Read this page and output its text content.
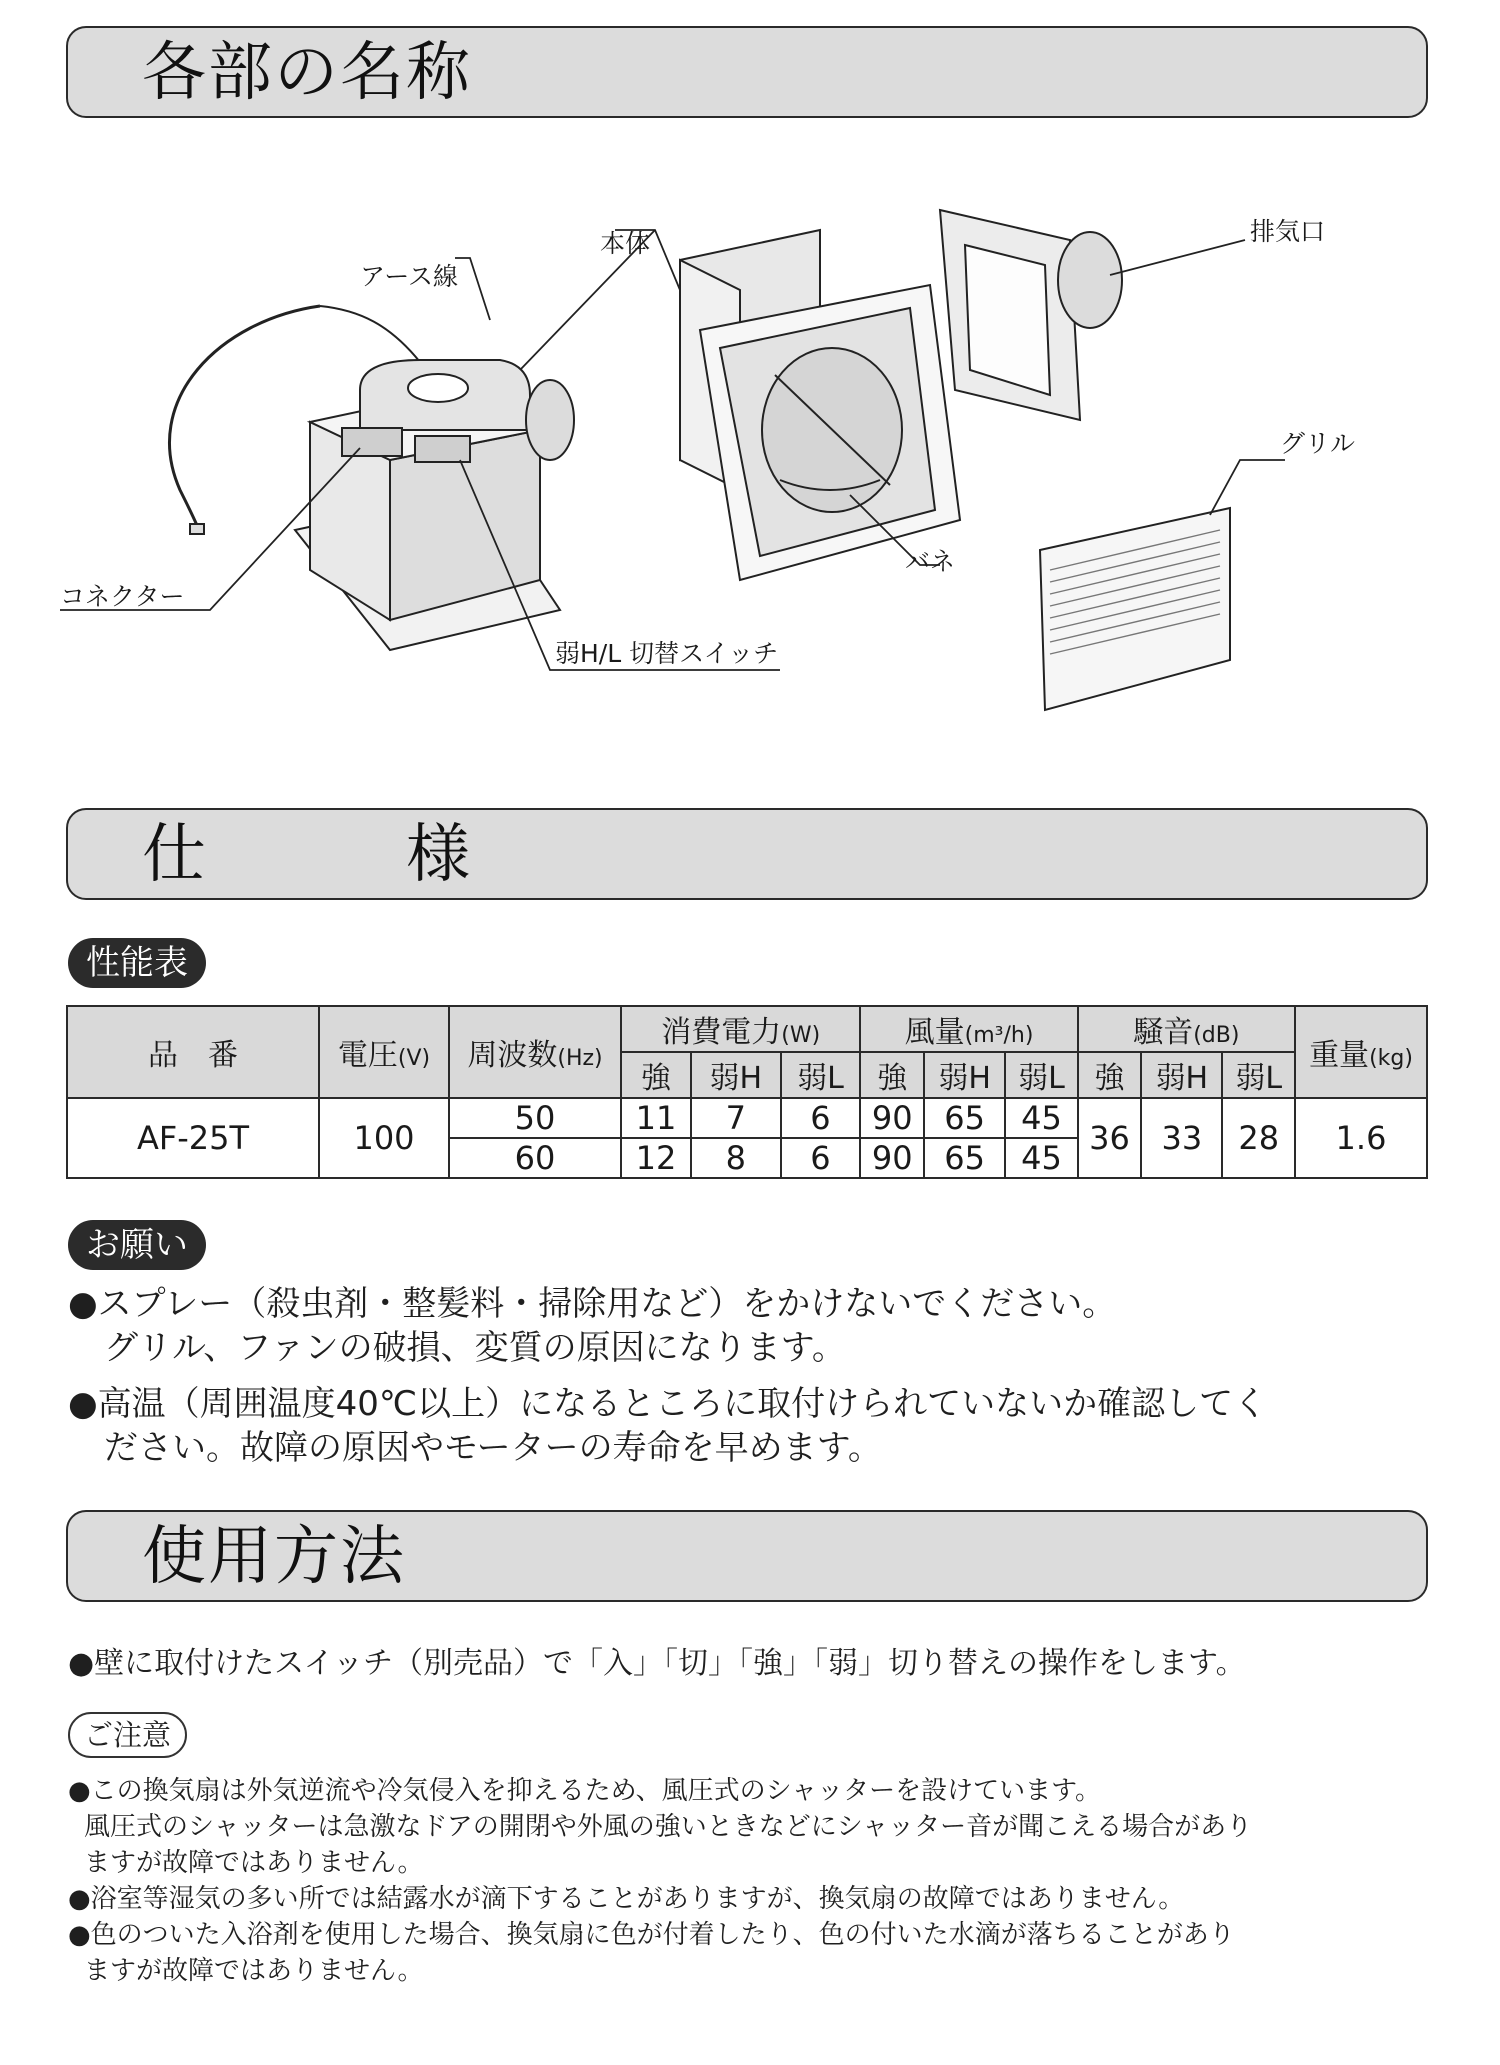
各部の名称
アース線
本体	排気口
グリル
バネ
コネクター
弱H/L 切替スイッチ
仕　　　様
性能表
品　番	電圧(V)	周波数(Hz)	消費電力(W)			風量(m³/h)			騒音(dB)			重量(kg)
			強	弱H	弱L	強	弱H	弱L	強	弱H	弱L	
AF-25T	100	50	11	7	6	90	65	45	36	33	28	1.6
		60	12	8	6	90	65	45				
お願い
●スプレー（殺虫剤・整髪料・掃除用など）をかけないでください。
グリル、ファンの破損、変質の原因になります。
●高温（周囲温度40℃以上）になるところに取付けられていないか確認してく
ださい。故障の原因やモーターの寿命を早めます。
使用方法
●壁に取付けたスイッチ（別売品）で「入」「切」「強」「弱」切り替えの操作をします。
ご注意
●この換気扇は外気逆流や冷気侵入を抑えるため、風圧式のシャッターを設けています。
風圧式のシャッターは急激なドアの開閉や外風の強いときなどにシャッター音が聞こえる場合があり
ますが故障ではありません。
●浴室等湿気の多い所では結露水が滴下することがありますが、換気扇の故障ではありません。
●色のついた入浴剤を使用した場合、換気扇に色が付着したり、色の付いた水滴が落ちることがあり
ますが故障ではありません。
